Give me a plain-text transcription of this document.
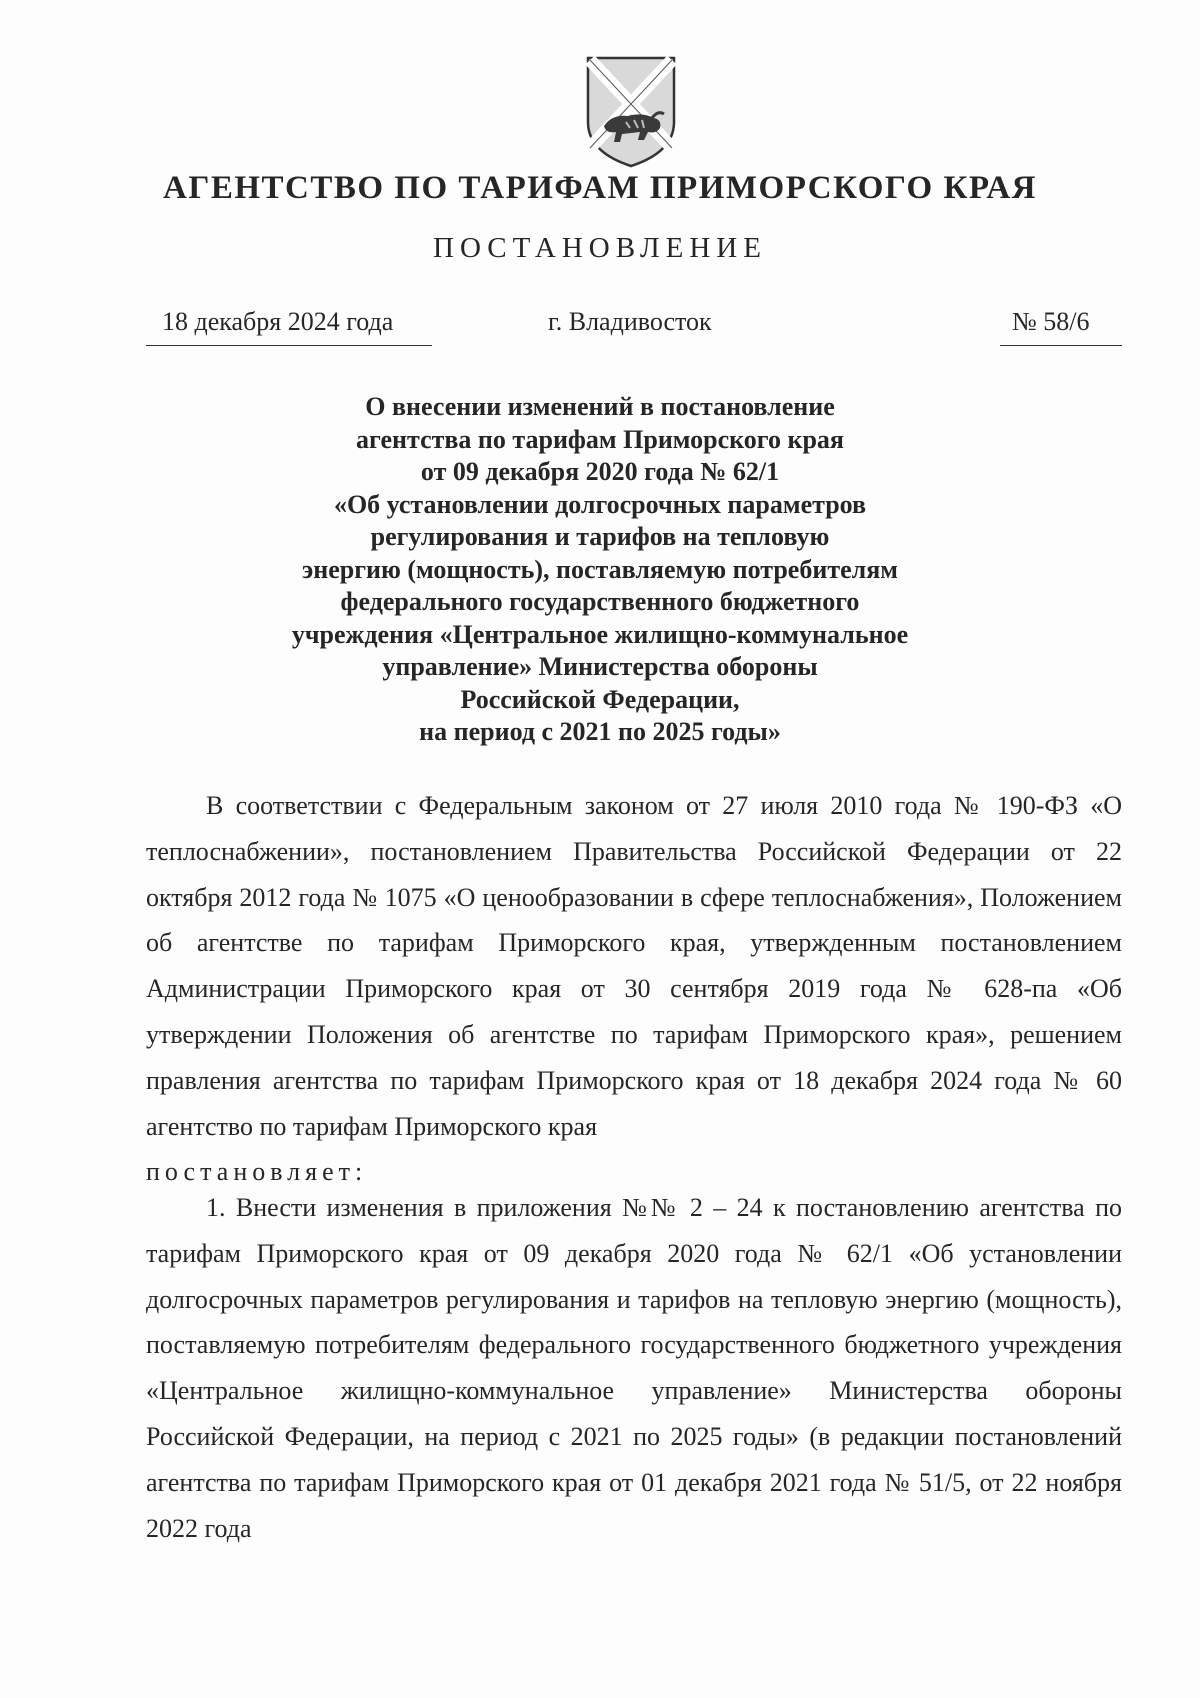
АГЕНТСТВО ПО ТАРИФАМ ПРИМОРСКОГО КРАЯ
ПОСТАНОВЛЕНИЕ
18 декабря 2024 года	г. Владивосток	№ 58/6
О внесении изменений в постановление
агентства по тарифам Приморского края
от 09 декабря 2020 года № 62/1
«Об установлении долгосрочных параметров
регулирования и тарифов на тепловую
энергию (мощность), поставляемую потребителям
федерального государственного бюджетного
учреждения «Центральное жилищно-коммунальное
управление» Министерства обороны
Российской Федерации,
на период с 2021 по 2025 годы»
В соответствии с Федеральным законом от 27 июля 2010 года № 190-ФЗ «О теплоснабжении», постановлением Правительства Российской Федерации от 22 октября 2012 года № 1075 «О ценообразовании в сфере теплоснабжения», Положением об агентстве по тарифам Приморского края, утвержденным постановлением Администрации Приморского края от 30 сентября 2019 года № 628-па «Об утверждении Положения об агентстве по тарифам Приморского края», решением правления агентства по тарифам Приморского края от 18 декабря 2024 года № 60 агентство по тарифам Приморского края
постановляет:
1. Внести изменения в приложения №№ 2 – 24 к постановлению агентства по тарифам Приморского края от 09 декабря 2020 года № 62/1 «Об установлении долгосрочных параметров регулирования и тарифов на тепловую энергию (мощность), поставляемую потребителям федерального государственного бюджетного учреждения «Центральное жилищно-коммунальное управление» Министерства обороны Российской Федерации, на период с 2021 по 2025 годы» (в редакции постановлений агентства по тарифам Приморского края от 01 декабря 2021 года № 51/5, от 22 ноября 2022 года
